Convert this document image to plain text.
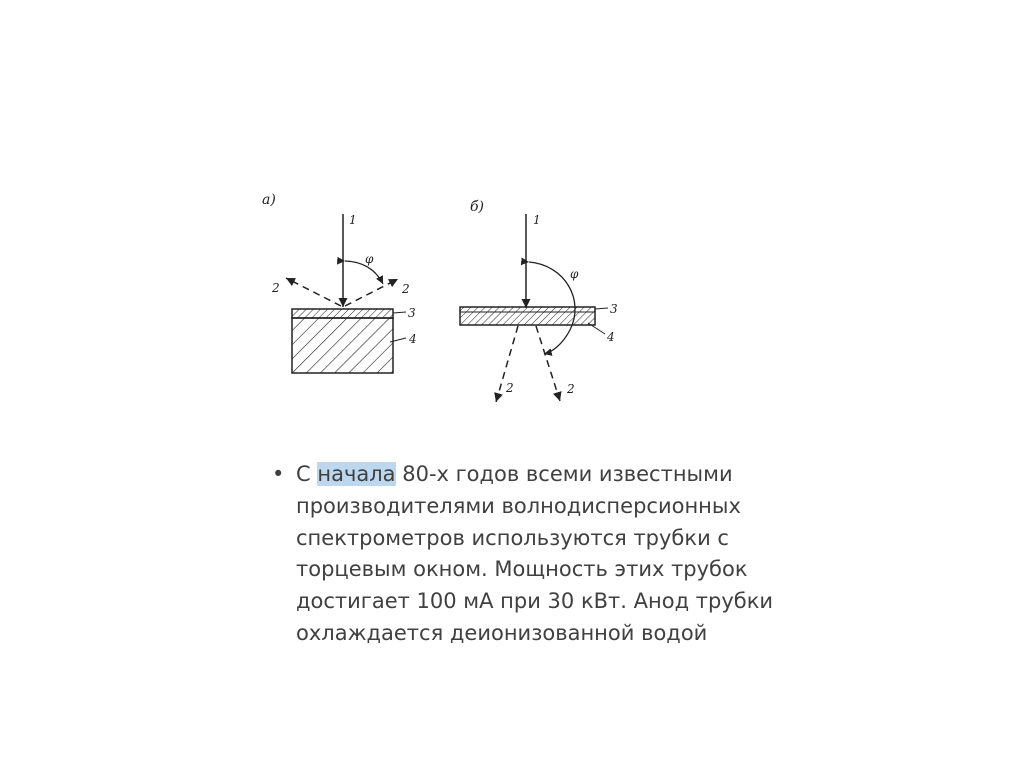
а)
1
2	2
φ
3
4
б)
1
2	2
φ
3
4
• С начала 80-х годов всеми известными
производителями волнодисперсионных
спектрометров используются трубки с
торцевым окном. Мощность этих трубок
достигает 100 мА при 30 кВт. Анод трубки
охлаждается деионизованной водой
